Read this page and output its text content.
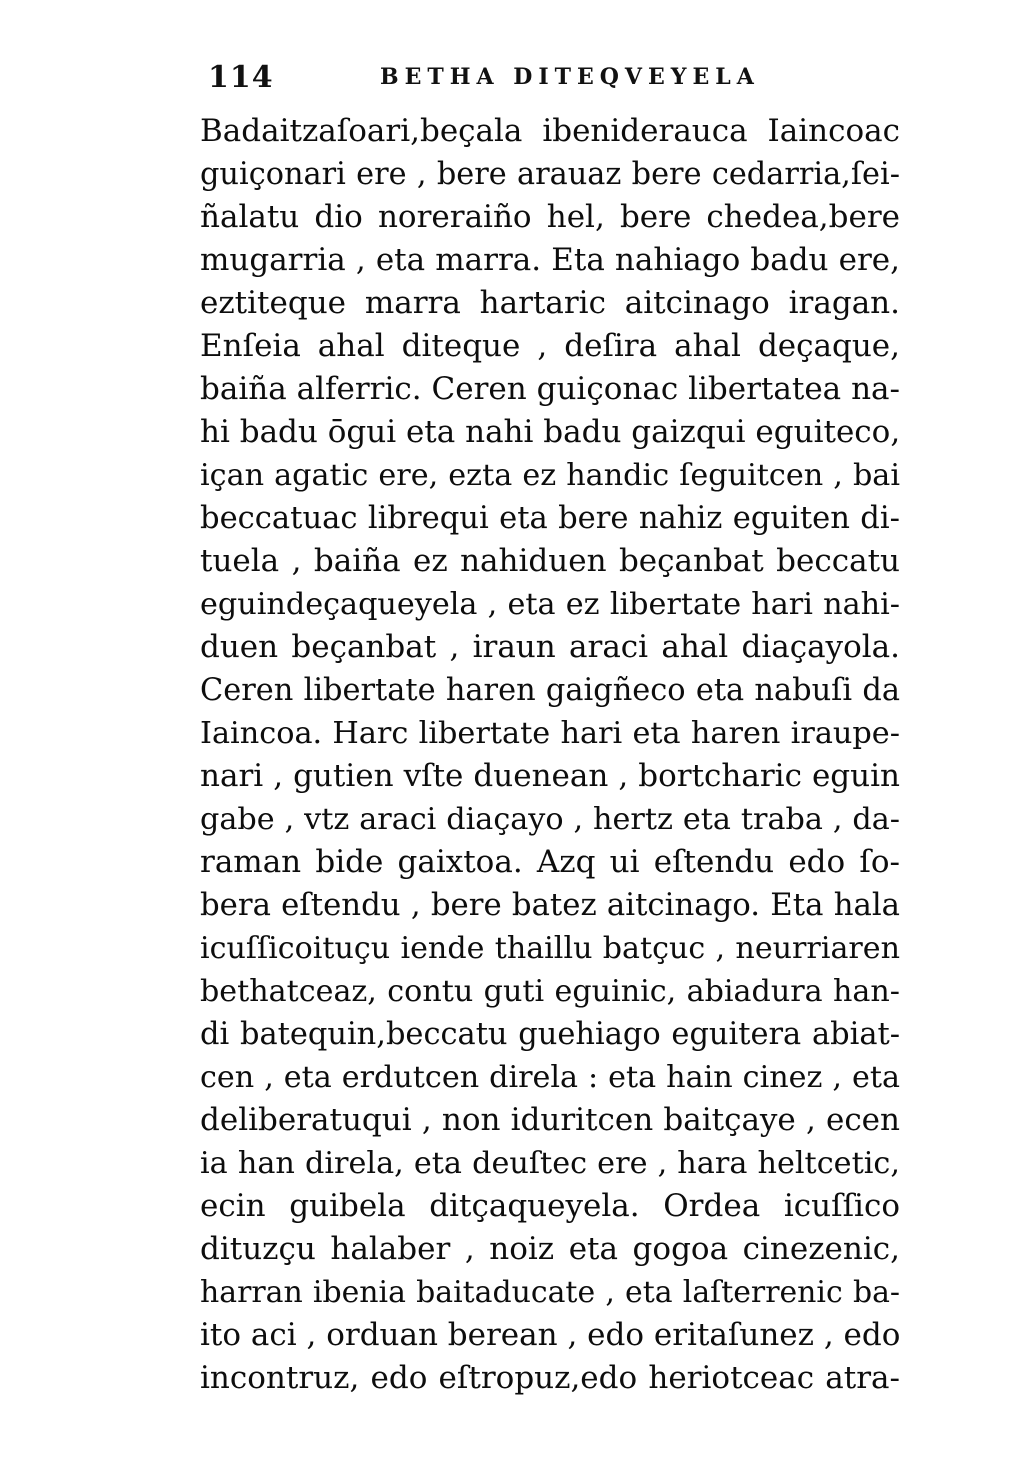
114	BETHA DITEQVEYELA
Badaitzaſoari,beçala ibeniderauca Iaincoac
guiçonari ere , bere arauaz bere cedarria,ſei-
ñalatu dio noreraiño hel, bere chedea,bere
mugarria , eta marra. Eta nahiago badu ere,
eztiteque marra hartaric aitcinago iragan.
Enſeia ahal diteque , deſira ahal deçaque,
baiña alferric. Ceren guiçonac libertatea na-
hi badu ōgui eta nahi badu gaizqui eguiteco,
içan agatic ere, ezta ez handic ſeguitcen , bai
beccatuac librequi eta bere nahiz eguiten di-
tuela , baiña ez nahiduen beçanbat beccatu
eguindeçaqueyela , eta ez libertate hari nahi-
duen beçanbat , iraun araci ahal diaçayola.
Ceren libertate haren gaigñeco eta nabuſi da
Iaincoa. Harc libertate hari eta haren iraupe-
nari , gutien vſte duenean , bortcharic eguin
gabe , vtz araci diaçayo , hertz eta traba , da-
raman bide gaixtoa. Azq ui eſtendu edo ſo-
bera eſtendu , bere batez aitcinago. Eta hala
icuſſicoituçu iende thaillu batçuc , neurriaren
bethatceaz, contu guti eguinic, abiadura han-
di batequin,beccatu guehiago eguitera abiat-
cen , eta erdutcen direla : eta hain cinez , eta
deliberatuqui , non iduritcen baitçaye , ecen
ia han direla, eta deuſtec ere , hara heltcetic,
ecin guibela ditçaqueyela. Ordea icuſſico
dituzçu halaber , noiz eta gogoa cinezenic,
harran ibenia baitaducate , eta laſterrenic ba-
ito aci , orduan berean , edo eritaſunez , edo
incontruz, edo eſtropuz,edo heriotceac atra-
